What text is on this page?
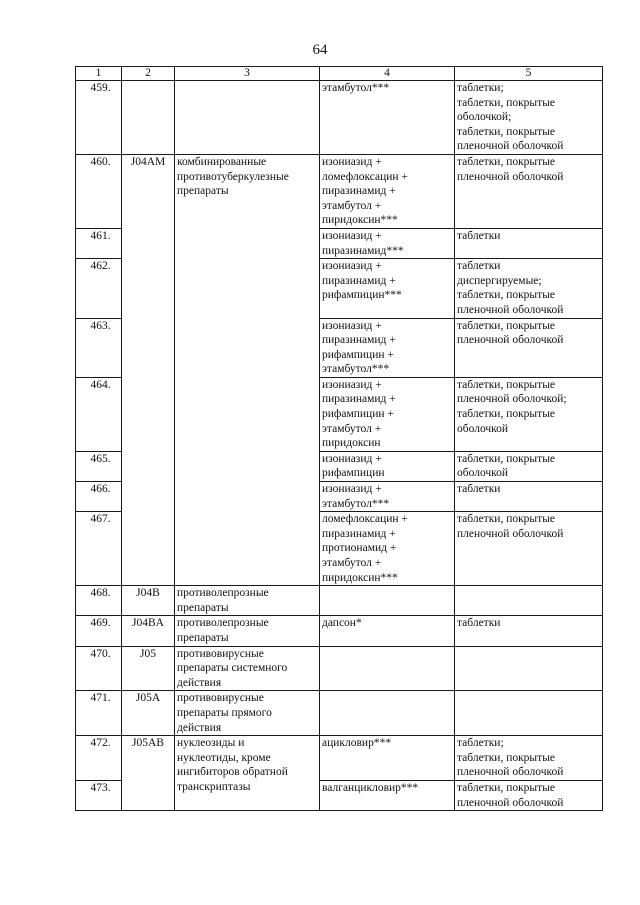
64
1	2	3	4	5
459.			этамбутол***	таблетки;
таблетки, покрытые
оболочкой;
таблетки, покрытые
пленочной оболочкой
460.	J04AM	комбинированные
противотуберкулезные
препараты	изониазид +
ломефлоксацин +
пиразинамид +
этамбутол +
пиридоксин***	таблетки, покрытые
пленочной оболочкой
461.			изониазид +
пиразинамид***	таблетки
462.			изониазид +
пиразинамид +
рифампицин***	таблетки
диспергируемые;
таблетки, покрытые
пленочной оболочкой
463.			изониазид +
пиразинамид +
рифампицин +
этамбутол***	таблетки, покрытые
пленочной оболочкой
464.			изониазид +
пиразинамид +
рифампицин +
этамбутол +
пиридоксин	таблетки, покрытые
пленочной оболочкой;
таблетки, покрытые
оболочкой
465.			изониазид +
рифампицин	таблетки, покрытые
оболочкой
466.			изониазид +
этамбутол***	таблетки
467.			ломефлоксацин +
пиразинамид +
протионамид +
этамбутол +
пиридоксин***	таблетки, покрытые
пленочной оболочкой
468.	J04B	противолепрозные
препараты		
469.	J04BA	противолепрозные
препараты	дапсон*	таблетки
470.	J05	противовирусные
препараты системного
действия		
471.	J05A	противовирусные
препараты прямого
действия		
472.	J05AB	нуклеозиды и
нуклеотиды, кроме
ингибиторов обратной
транскриптазы	ацикловир***	таблетки;
таблетки, покрытые
пленочной оболочкой
473.			валганцикловир***	таблетки, покрытые
пленочной оболочкой
